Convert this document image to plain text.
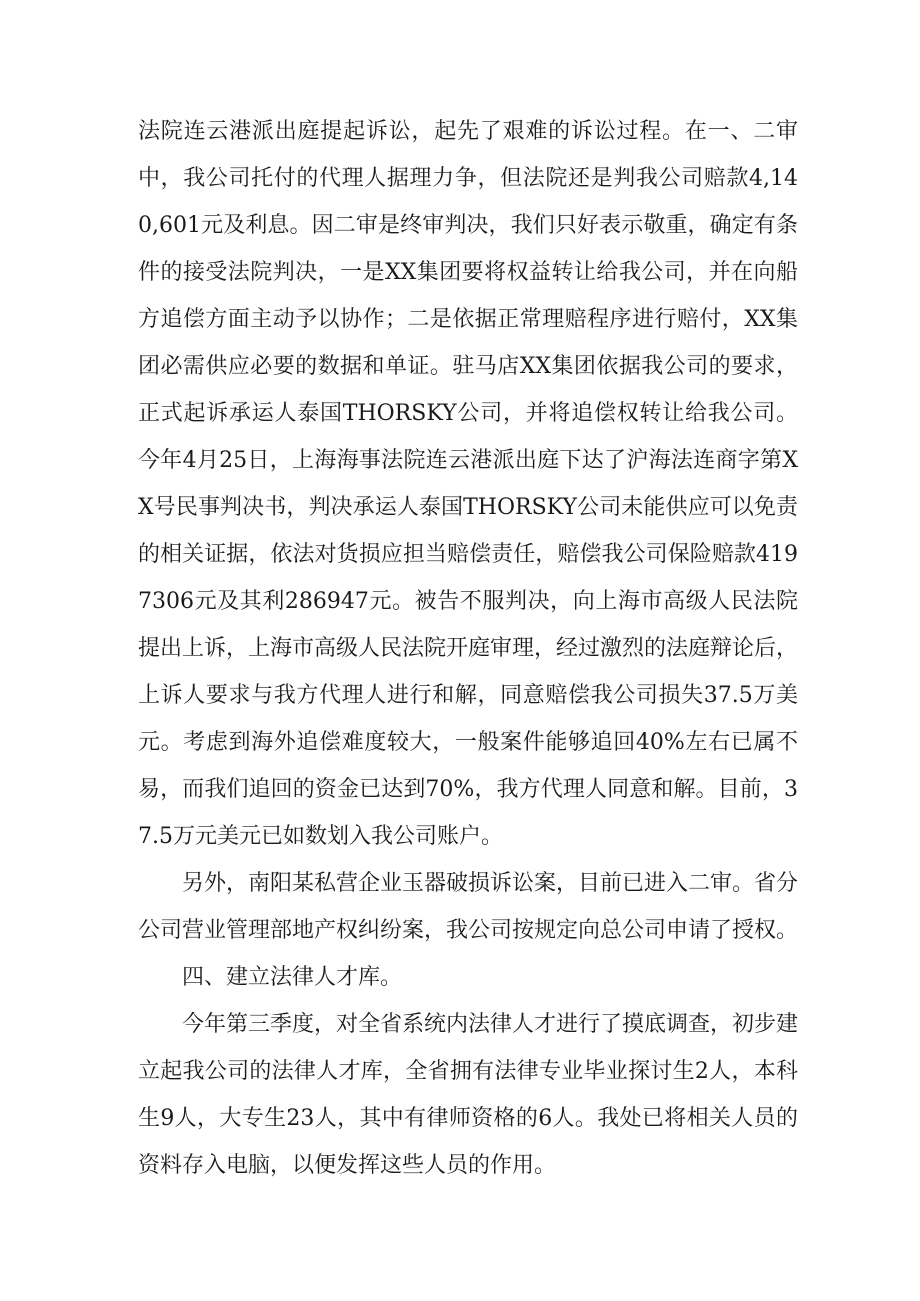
法院连云港派出庭提起诉讼，起先了艰难的诉讼过程。在一、二审中，我公司托付的代理人据理力争，但法院还是判我公司赔款4,140,601元及利息。因二审是终审判决，我们只好表示敬重，确定有条件的接受法院判决，一是XX集团要将权益转让给我公司，并在向船方追偿方面主动予以协作；二是依据正常理赔程序进行赔付，XX集团必需供应必要的数据和单证。驻马店XX集团依据我公司的要求，正式起诉承运人泰国THORSKY公司，并将追偿权转让给我公司。今年4月25日，上海海事法院连云港派出庭下达了沪海法连商字第XX号民事判决书，判决承运人泰国THORSKY公司未能供应可以免责的相关证据，依法对货损应担当赔偿责任，赔偿我公司保险赔款4197306元及其利286947元。被告不服判决，向上海市高级人民法院提出上诉，上海市高级人民法院开庭审理，经过激烈的法庭辩论后，上诉人要求与我方代理人进行和解，同意赔偿我公司损失37.5万美元。考虑到海外追偿难度较大，一般案件能够追回40%左右已属不易，而我们追回的资金已达到70%，我方代理人同意和解。目前，37.5万元美元已如数划入我公司账户。

另外，南阳某私营企业玉器破损诉讼案，目前已进入二审。省分公司营业管理部地产权纠纷案，我公司按规定向总公司申请了授权。

四、建立法律人才库。

今年第三季度，对全省系统内法律人才进行了摸底调查，初步建立起我公司的法律人才库，全省拥有法律专业毕业探讨生2人，本科生9人，大专生23人，其中有律师资格的6人。我处已将相关人员的资料存入电脑，以便发挥这些人员的作用。
